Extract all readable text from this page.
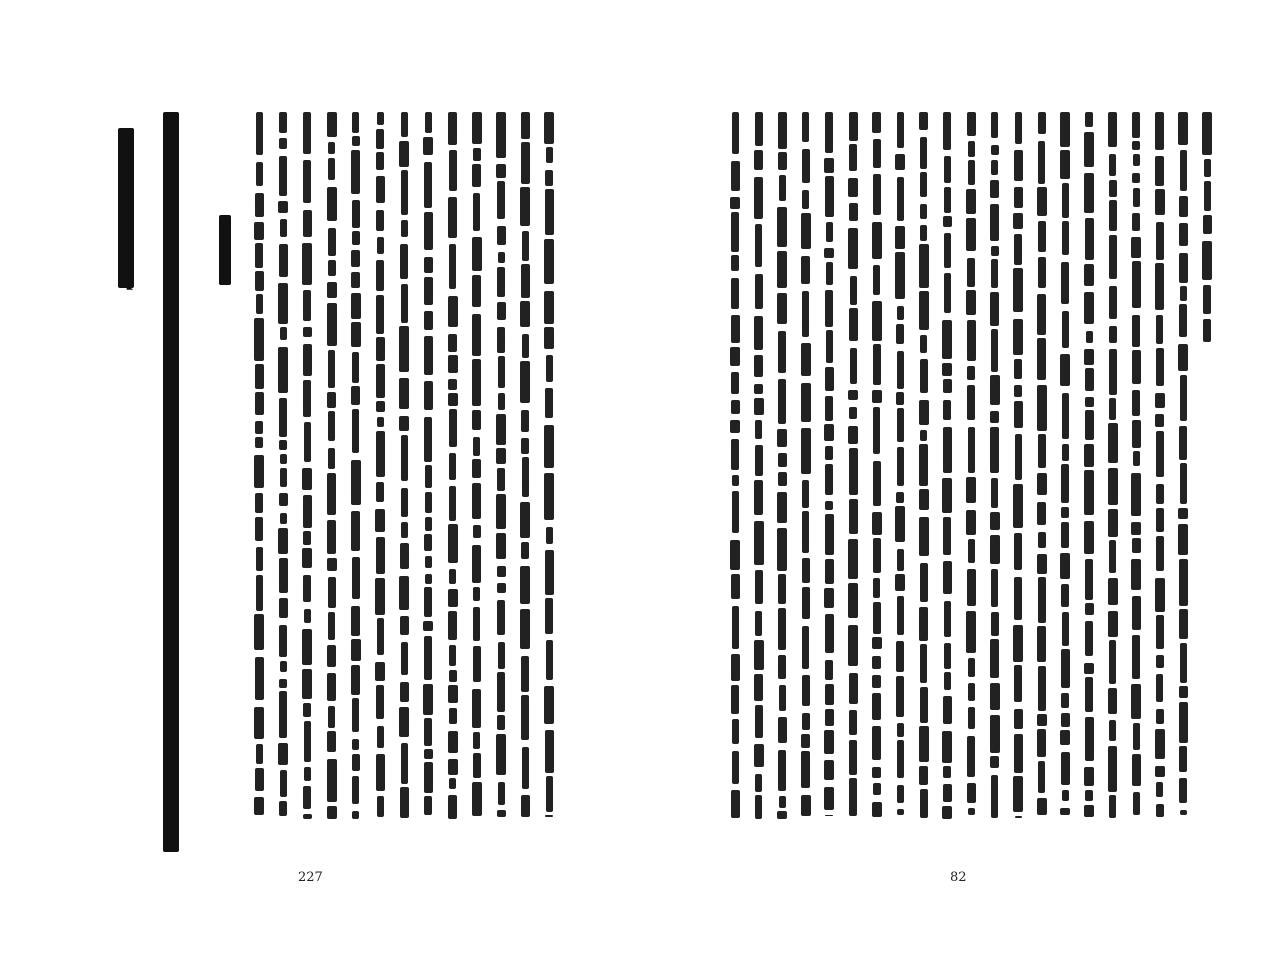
【
227	82
